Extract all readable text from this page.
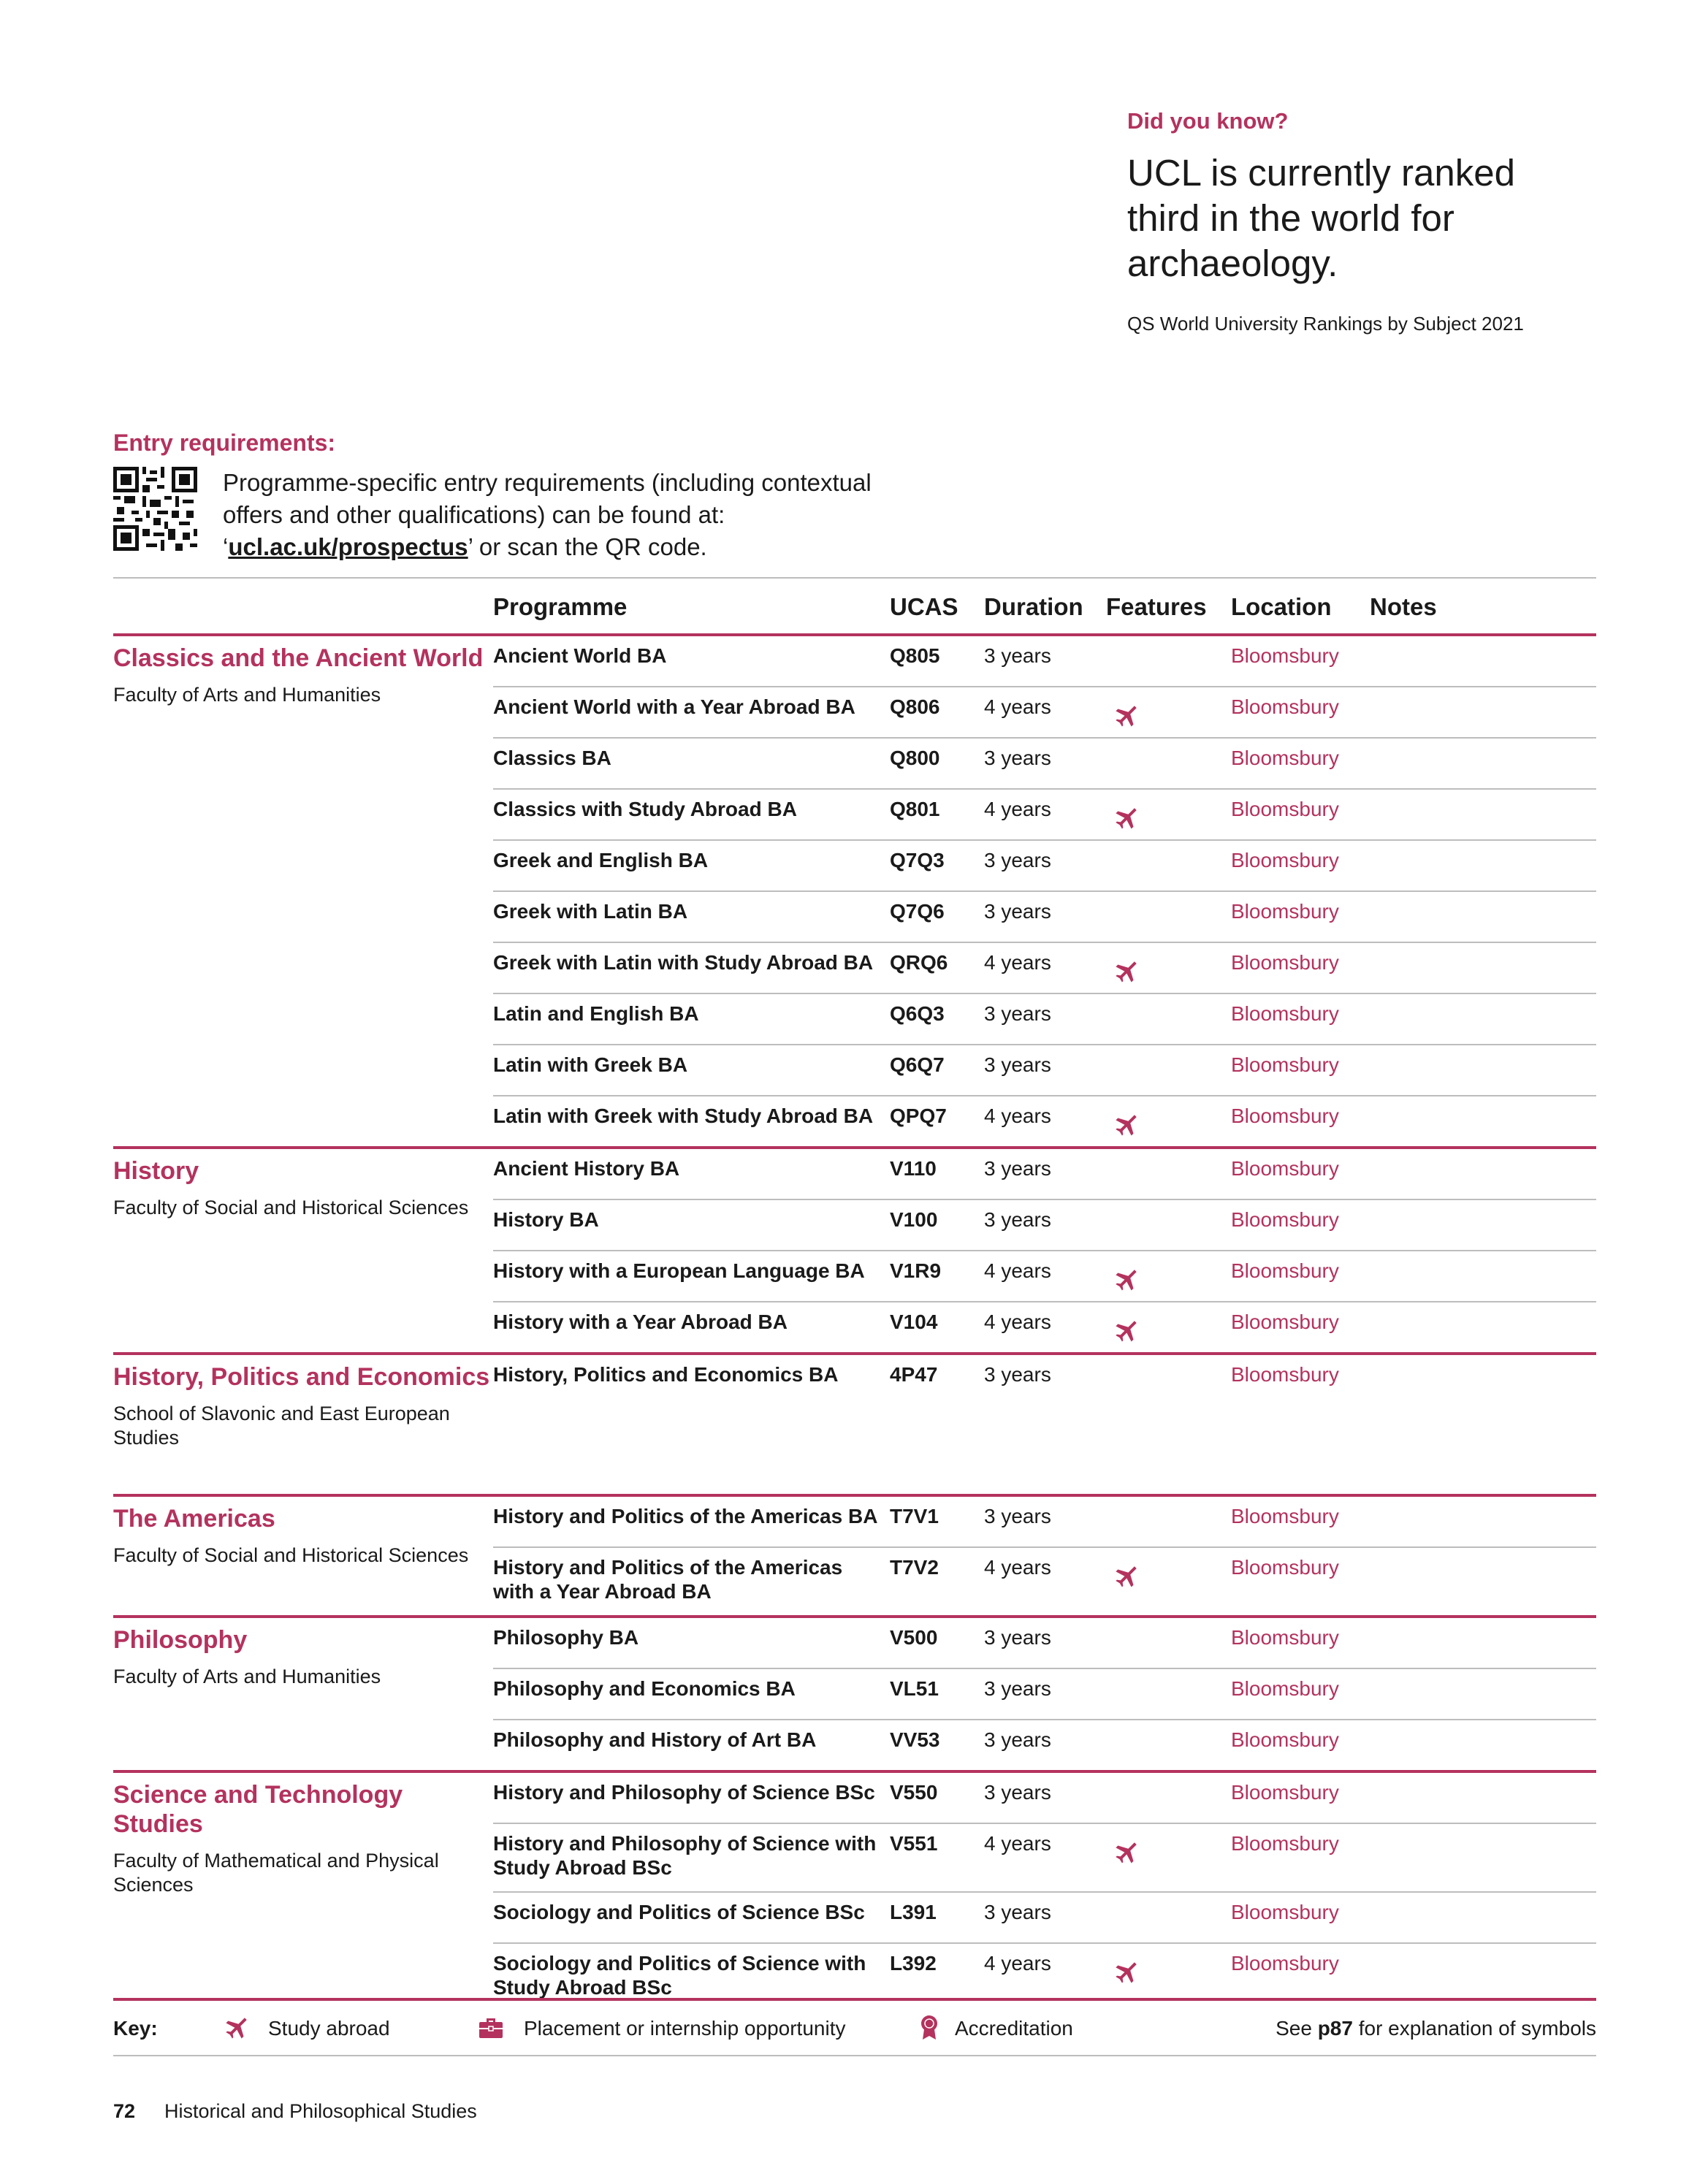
Did you know?
UCL is currently ranked third in the world for archaeology.
QS World University Rankings by Subject 2021
Entry requirements:
Programme-specific entry requirements (including contextual offers and other qualifications) can be found at: ‘ucl.ac.uk/prospectus’ or scan the QR code.
Programme	UCAS Duration Features Location Notes
Classics and the Ancient World
Faculty of Arts and Humanities
Ancient World BA	Q805 3 years	Bloomsbury
Ancient World with a Year Abroad BA	Q806 4 years	Bloomsbury
Classics BA	Q800 3 years	Bloomsbury
Classics with Study Abroad BA	Q801 4 years	Bloomsbury
Greek and English BA	Q7Q3 3 years	Bloomsbury
Greek with Latin BA	Q7Q6 3 years	Bloomsbury
Greek with Latin with Study Abroad BA QRQ6 4 years	Bloomsbury
Latin and English BA	Q6Q3 3 years	Bloomsbury
Latin with Greek BA	Q6Q7 3 years	Bloomsbury
Latin with Greek with Study Abroad BA QPQ7 4 years	Bloomsbury
History
Faculty of Social and Historical Sciences
Ancient History BA	V110 3 years	Bloomsbury
History BA	V100 3 years	Bloomsbury
History with a European Language BA	V1R9 4 years	Bloomsbury
History with a Year Abroad BA	V104 4 years	Bloomsbury
History, Politics and Economics
School of Slavonic and East European Studies
History, Politics and Economics BA	4P47 3 years	Bloomsbury
The Americas
Faculty of Social and Historical Sciences
History and Politics of the Americas BA T7V1 3 years	Bloomsbury
History and Politics of the Americas with a Year Abroad BA
T7V2 4 years	Bloomsbury
Philosophy
Faculty of Arts and Humanities
Philosophy BA	V500 3 years	Bloomsbury
Philosophy and Economics BA	VL51 3 years	Bloomsbury
Philosophy and History of Art BA	VV53 3 years	Bloomsbury
Science and Technology Studies
Faculty of Mathematical and Physical Sciences
History and Philosophy of Science BSc V550 3 years	Bloomsbury
History and Philosophy of Science with Study Abroad BSc
V551 4 years	Bloomsbury
Sociology and Politics of Science BSc	L391 3 years	Bloomsbury
Sociology and Politics of Science with Study Abroad BSc
L392 4 years	Bloomsbury
Key:	Study abroad	Placement or internship opportunity	Accreditation	See p87 for explanation of symbols
72 Historical and Philosophical Studies
